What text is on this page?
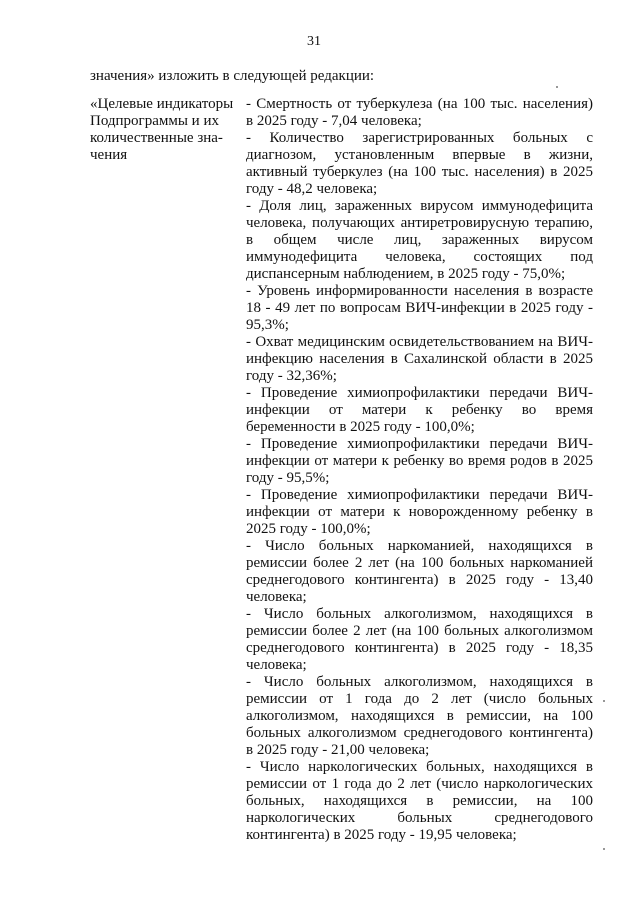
31
значения» изложить в следующей редакции:
«Целевые индикаторы
Подпрограммы и их
количественные зна-
чения

- Смертность от туберкулеза (на 100 тыс. населения) в 2025 году - 7,04 человека;

- Количество зарегистрированных больных с диагнозом, установленным впервые в жизни, активный туберкулез (на 100 тыс. населения) в 2025 году - 48,2 человека;

- Доля лиц, зараженных вирусом иммунодефицита человека, получающих антиретровирусную терапию, в общем числе лиц, зараженных вирусом иммунодефицита человека, состоящих под диспансерным наблюдением, в 2025 году - 75,0%;

- Уровень информированности населения в возрасте 18 - 49 лет по вопросам ВИЧ-инфекции в 2025 году - 95,3%;

- Охват медицинским освидетельствованием на ВИЧ-инфекцию населения в Сахалинской области в 2025 году - 32,36%;

- Проведение химиопрофилактики передачи ВИЧ-инфекции от матери к ребенку во время беременности в 2025 году - 100,0%;

- Проведение химиопрофилактики передачи ВИЧ-инфекции от матери к ребенку во время родов в 2025 году - 95,5%;

- Проведение химиопрофилактики передачи ВИЧ-инфекции от матери к новорожденному ребенку в 2025 году - 100,0%;

- Число больных наркоманией, находящихся в ремиссии более 2 лет (на 100 больных наркоманией среднегодового контингента) в 2025 году - 13,40 человека;

- Число больных алкоголизмом, находящихся в ремиссии более 2 лет (на 100 больных алкоголизмом среднегодового контингента) в 2025 году - 18,35 человека;

- Число больных алкоголизмом, находящихся в ремиссии от 1 года до 2 лет (число больных алкоголизмом, находящихся в ремиссии, на 100 больных алкоголизмом среднегодового контингента) в 2025 году - 21,00 человека;

- Число наркологических больных, находящихся в ремиссии от 1 года до 2 лет (число наркологических больных, находящихся в ремиссии, на 100 наркологических больных среднегодового контингента) в 2025 году - 19,95 человека;
